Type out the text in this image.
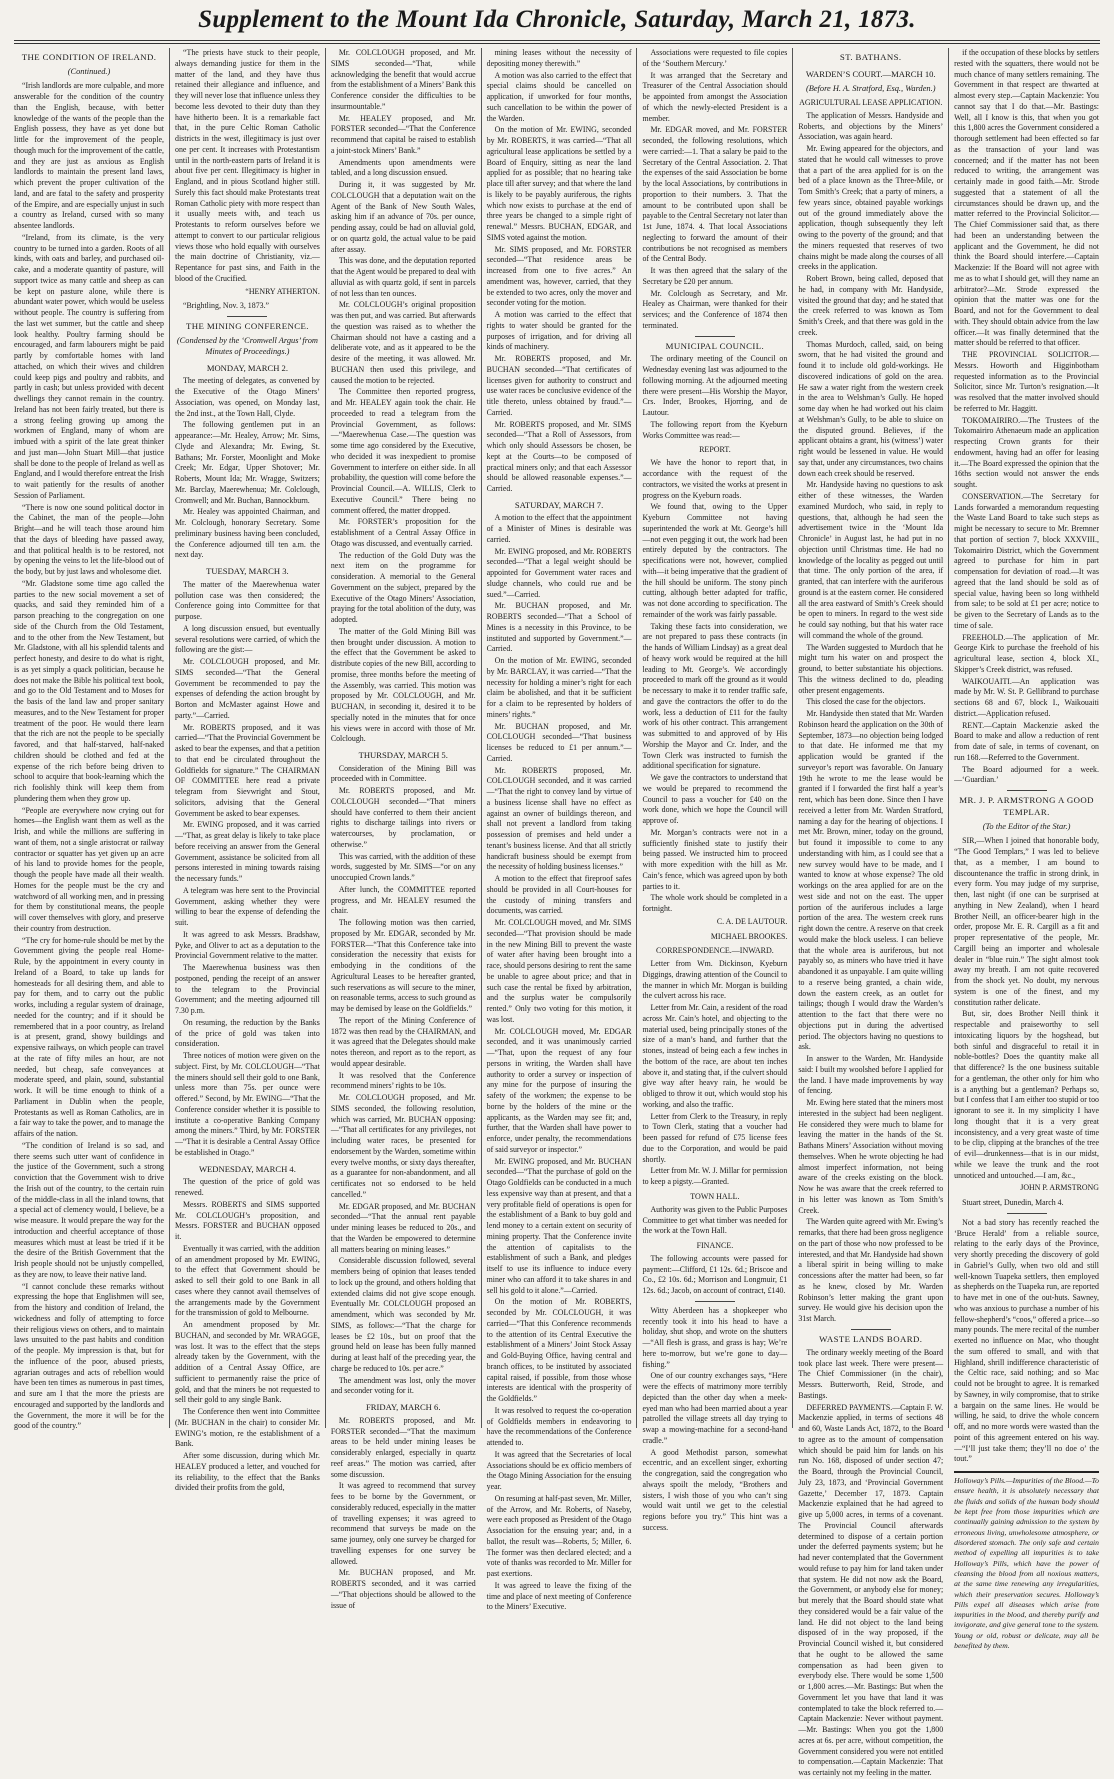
Supplement to the Mount Ida Chronicle, Saturday, March 21, 1873.
THE CONDITION OF IRELAND.
(Continued.)

“Irish landlords are more culpable, and more answerable for the condition of the country than the English, because, with better knowledge of the wants of the people than the English possess, they have as yet done but little for the improvement of the people, though much for the improvement of the cattle, and they are just as anxious as English landlords to maintain the present land laws, which prevent the proper cultivation of the land, and are fatal to the safety and prosperity of the Empire, and are especially unjust in such a country as Ireland, cursed with so many absentee landlords.

“Ireland, from its climate, is the very country to be turned into a garden. Roots of all kinds, with oats and barley, and purchased oil-cake, and a moderate quantity of pasture, will support twice as many cattle and sheep as can be kept on pasture alone, while there is abundant water power, which would be useless without people. The country is suffering from the last wet summer, but the cattle and sheep look healthy. Poultry farming should be encouraged, and farm labourers might be paid partly by comfortable homes with land attached, on which their wives and children could keep pigs and poultry and rabbits, and partly in cash; but unless provided with decent dwellings they cannot remain in the country. Ireland has not been fairly treated, but there is a strong feeling growing up among the workmen of England, many of whom are imbued with a spirit of the late great thinker and just man—John Stuart Mill—that justice shall be done to the people of Ireland as well as England, and I would therefore entreat the Irish to wait patiently for the results of another Session of Parliament.

“There is now one sound political doctor in the Cabinet, the man of the people—John Bright—and he will teach those around him that the days of bleeding have passed away, and that political health is to be restored, not by opening the veins to let the life-blood out of the body, but by just laws and wholesome diet.

“Mr. Gladstone some time ago called the parties to the new social movement a set of quacks, and said they reminded him of a parson preaching to the congregation on one side of the Church from the Old Testament, and to the other from the New Testament, but Mr. Gladstone, with all his splendid talents and perfect honesty, and desire to do what is right, is as yet simply a quack politician, because he does not make the Bible his political text book, and go to the Old Testament and to Moses for the basis of the land law and proper sanitary measures, and to the New Testament for proper treatment of the poor. He would there learn that the rich are not the people to be specially favored, and that half-starved, half-naked children should be clothed and fed at the expense of the rich before being driven to school to acquire that book-learning which the rich foolishly think will keep them from plundering them when they grow up.

“People are everywhere now crying out for homes—the English want them as well as the Irish, and while the millions are suffering in want of them, not a single aristocrat or railway contractor or squatter has yet given up an acre of his land to provide homes for the people, though the people have made all their wealth. Homes for the people must be the cry and watchword of all working men, and in pressing for them by constitutional means, the people will cover themselves with glory, and preserve their country from destruction.

“The cry for home-rule should be met by the Government giving the people real Home-Rule, by the appointment in every county in Ireland of a Board, to take up lands for homesteads for all desiring them, and able to pay for them, and to carry out the public works, including a regular system of drainage, needed for the country; and if it should be remembered that in a poor country, as Ireland is at present, grand, showy buildings and expensive railways, on which people can travel at the rate of fifty miles an hour, are not needed, but cheap, safe conveyances at moderate speed, and plain, sound, substantial work. It will be time enough to think of a Parliament in Dublin when the people, Protestants as well as Roman Catholics, are in a fair way to take the power, and to manage the affairs of the nation.

“The condition of Ireland is so sad, and there seems such utter want of confidence in the justice of the Government, such a strong conviction that the Government wish to drive the Irish out of the country, to the certain ruin of the middle-class in all the inland towns, that a special act of clemency would, I believe, be a wise measure. It would prepare the way for the introduction and cheerful acceptance of those measures which must at least be tried if it be the desire of the British Government that the Irish people should not be unjustly compelled, as they are now, to leave their native land.

“I cannot conclude these remarks without expressing the hope that Englishmen will see, from the history and condition of Ireland, the wickedness and folly of attempting to force their religious views on others, and to maintain laws unsuited to the past habits and condition of the people. My impression is that, but for the influence of the poor, abused priests, agrarian outrages and acts of rebellion would have been ten times as numerous in past times, and sure am I that the more the priests are encouraged and supported by the landlords and the Government, the more it will be for the good of the country.”

“The priests have stuck to their people, always demanding justice for them in the matter of the land, and they have thus retained their allegiance and influence, and they will never lose that influence unless they become less devoted to their duty than they have hitherto been. It is a remarkable fact that, in the pure Celtic Roman Catholic districts in the west, illegitimacy is just over one per cent. It increases with Protestantism until in the north-eastern parts of Ireland it is about five per cent. Illegitimacy is higher in England, and in pious Scotland higher still. Surely this fact should make Protestants treat Roman Catholic piety with more respect than it usually meets with, and teach us Protestants to reform ourselves before we attempt to convert to our particular religious views those who hold equally with ourselves the main doctrine of Christianity, viz.—Repentance for past sins, and Faith in the blood of the Crucified.

“HENRY ATHERTON.

“Brightling, Nov. 3, 1873.”

THE MINING CONFERENCE.
(Condensed by the ‘Cromwell Argus’ from Minutes of Proceedings.)
MONDAY, MARCH 2.

The meeting of delegates, as convened by the Executive of the Otago Miners’ Association, was opened, on Monday last, the 2nd inst., at the Town Hall, Clyde.

The following gentlemen put in an appearance:—Mr. Healey, Arrow; Mr. Sims, Clyde and Alexandra; Mr. Ewing, St. Bathans; Mr. Forster, Moonlight and Moke Creek; Mr. Edgar, Upper Shotover; Mr. Roberts, Mount Ida; Mr. Wragge, Switzers; Mr. Barclay, Maerewhenua; Mr. Colclough, Cromwell; and Mr. Buchan, Bannockburn.

Mr. Healey was appointed Chairman, and Mr. Colclough, honorary Secretary. Some preliminary business having been concluded, the Conference adjourned till ten a.m. the next day.

TUESDAY, MARCH 3.

The matter of the Maerewhenua water pollution case was then considered; the Conference going into Committee for that purpose.

A long discussion ensued, but eventually several resolutions were carried, of which the following are the gist:—

Mr. COLCLOUGH proposed, and Mr. SIMS seconded—“That the General Government be recommended to pay the expenses of defending the action brought by Borton and McMaster against Howe and party.”—Carried.

Mr. ROBERTS proposed, and it was carried—“That the Provincial Government be asked to bear the expenses, and that a petition to that end be circulated throughout the Goldfields for signature.” The CHAIRMAN OF COMMITTEE here read a private telegram from Sievwright and Stout, solicitors, advising that the General Government be asked to bear expenses.

Mr. EWING proposed, and it was carried—“That, as great delay is likely to take place before receiving an answer from the General Government, assistance be solicited from all persons interested in mining towards raising the necessary funds.”

A telegram was here sent to the Provincial Government, asking whether they were willing to bear the expense of defending the suit.

It was agreed to ask Messrs. Bradshaw, Pyke, and Oliver to act as a deputation to the Provincial Government relative to the matter.

The Maerewhenua business was then postponed, pending the receipt of an answer to the telegram to the Provincial Government; and the meeting adjourned till 7.30 p.m.

On resuming, the reduction by the Banks of the price of gold was taken into consideration.

Three notices of motion were given on the subject. First, by Mr. COLCLOUGH—“That the miners should sell their gold to one Bank, unless more than 75s. per ounce were offered.” Second, by Mr. EWING—“That the Conference consider whether it is possible to institute a co-operative Banking Company among the miners.” Third, by Mr. FORSTER—“That it is desirable a Central Assay Office be established in Otago.”

WEDNESDAY, MARCH 4.

The question of the price of gold was renewed.

Messrs. ROBERTS and SIMS supported Mr. COLCLOUGH’s proposition, and Messrs. FORSTER and BUCHAN opposed it.

Eventually it was carried, with the addition of an amendment proposed by Mr. EWING, to the effect that Government should be asked to sell their gold to one Bank in all cases where they cannot avail themselves of the arrangements made by the Government for the transmission of gold to Melbourne.

An amendment proposed by Mr. BUCHAN, and seconded by Mr. WRAGGE, was lost. It was to the effect that the steps already taken by the Government, with the addition of a Central Assay Office, are sufficient to permanently raise the price of gold, and that the miners be not requested to sell their gold to any single Bank.

The Conference then went into Committee (Mr. BUCHAN in the chair) to consider Mr. EWING’s motion, re the establishment of a Bank.

After some discussion, during which Mr. HEALEY produced a letter, and vouched for its reliability, to the effect that the Banks divided their profits from the gold,

Mr. COLCLOUGH proposed, and Mr. SIMS seconded—“That, while acknowledging the benefit that would accrue from the establishment of a Miners’ Bank this Conference consider the difficulties to be insurmountable.”

Mr. HEALEY proposed, and Mr. FORSTER seconded—“That the Conference recommend that capital be raised to establish a joint-stock Miners’ Bank.”

Amendments upon amendments were tabled, and a long discussion ensued.

During it, it was suggested by Mr. COLCLOUGH that a deputation wait on the Agent of the Bank of New South Wales, asking him if an advance of 70s. per ounce, pending assay, could be had on alluvial gold, or on quartz gold, the actual value to be paid after assay.

This was done, and the deputation reported that the Agent would be prepared to deal with alluvial as with quartz gold, if sent in parcels of not less than ten ounces.

Mr. COLCLOUGH’s original proposition was then put, and was carried. But afterwards the question was raised as to whether the Chairman should not have a casting and a deliberate vote, and as it appeared to be the desire of the meeting, it was allowed. Mr. BUCHAN then used this privilege, and caused the motion to be rejected.

The Committee then reported progress, and Mr. HEALEY again took the chair. He proceeded to read a telegram from the Provincial Government, as follows:—“Maerewhenua Case.—The question was some time ago considered by the Executive, who decided it was inexpedient to promise Government to interfere on either side. In all probability, the question will come before the Provincial Council.—A. WILLIS, Clerk to Executive Council.” There being no comment offered, the matter dropped.

Mr. FORSTER’s proposition for the establishment of a Central Assay Office in Otago was discussed, and eventually carried.

The reduction of the Gold Duty was the next item on the programme for consideration. A memorial to the General Government on the subject, prepared by the Executive of the Otago Miners’ Association, praying for the total abolition of the duty, was adopted.

The matter of the Gold Mining Bill was then brought under discussion. A motion to the effect that the Government be asked to distribute copies of the new Bill, according to promise, three months before the meeting of the Assembly, was carried. This motion was proposed by Mr. COLCLOUGH, and Mr. BUCHAN, in seconding it, desired it to be specially noted in the minutes that for once his views were in accord with those of Mr. Colclough.

THURSDAY, MARCH 5.

Consideration of the Mining Bill was proceeded with in Committee.

Mr. ROBERTS proposed, and Mr. COLCLOUGH seconded—“That miners should have conferred to them their ancient rights to discharge tailings into rivers or watercourses, by proclamation, or otherwise.”

This was carried, with the addition of these words, suggested by Mr. SIMS—“or on any unoccupied Crown lands.”

After lunch, the COMMITTEE reported progress, and Mr. HEALEY resumed the chair.

The following motion was then carried, proposed by Mr. EDGAR, seconded by Mr. FORSTER—“That this Conference take into consideration the necessity that exists for embodying in the conditions of the Agricultural Leases to be hereafter granted, such reservations as will secure to the miner, on reasonable terms, access to such ground as may be demised by lease on the Goldfields.”

The report of the Mining Conference of 1872 was then read by the CHAIRMAN, and it was agreed that the Delegates should make notes thereon, and report as to the report, as would appear desirable.

It was resolved that the Conference recommend miners’ rights to be 10s.

Mr. COLCLOUGH proposed, and Mr. SIMS seconded, the following resolution, which was carried, Mr. BUCHAN opposing:—“That all certificates for any privileges, not including water races, be presented for endorsement by the Warden, sometime within every twelve months, or sixty days thereafter, as a guarantee for non-abandonment, and all certificates not so endorsed to be held cancelled.”

Mr. EDGAR proposed, and Mr. BUCHAN seconded—“That the annual rent payable under mining leases be reduced to 20s., and that the Warden be empowered to determine all matters bearing on mining leases.”

Considerable discussion followed, several members being of opinion that leases tended to lock up the ground, and others holding that extended claims did not give scope enough. Eventually Mr. COLCLOUGH proposed an amendment, which was seconded by Mr. SIMS, as follows:—“That the charge for leases be £2 10s., but on proof that the ground held on lease has been fully manned during at least half of the preceding year, the charge be reduced to 10s. per acre.”

The amendment was lost, only the mover and seconder voting for it.

FRIDAY, MARCH 6.

Mr. ROBERTS proposed, and Mr. FORSTER seconded—“That the maximum areas to be held under mining leases be considerably enlarged, especially in quartz reef areas.” The motion was carried, after some discussion.

It was agreed to recommend that survey fees to be borne by the Government, or considerably reduced, especially in the matter of travelling expenses; it was agreed to recommend that surveys be made on the same journey, only one survey be charged for travelling expenses for one survey be allowed.

Mr. BUCHAN proposed, and Mr. ROBERTS seconded, and it was carried—“That objections should be allowed to the issue of

mining leases without the necessity of depositing money therewith.”

A motion was also carried to the effect that special claims should be cancelled on application, if unworked for four months, such cancellation to be within the power of the Warden.

On the motion of Mr. EWING, seconded by Mr. ROBERTS, it was carried—“That all agricultural lease applications be settled by a Board of Enquiry, sitting as near the land applied for as possible; that no hearing take place till after survey; and that where the land is likely to be payably auriferous, the rights which now exists to purchase at the end of three years be changed to a simple right of renewal.” Messrs. BUCHAN, EDGAR, and SIMS voted against the motion.

Mr. SIMS proposed, and Mr. FORSTER seconded—“That residence areas be increased from one to five acres.” An amendment was, however, carried, that they be extended to two acres, only the mover and seconder voting for the motion.

A motion was carried to the effect that rights to water should be granted for the purposes of irrigation, and for driving all kinds of machinery.

Mr. ROBERTS proposed, and Mr. BUCHAN seconded—“That certificates of licenses given for authority to construct and use water races be conclusive evidence of the title thereto, unless obtained by fraud.”—Carried.

Mr. ROBERTS proposed, and Mr. SIMS seconded—“That a Roll of Assessors, from which only should Assessors be chosen, be kept at the Courts—to be composed of practical miners only; and that each Assessor should be allowed reasonable expenses.”—Carried.

SATURDAY, MARCH 7.

A motion to the effect that the appointment of a Minister of Mines is desirable was carried.

Mr. EWING proposed, and Mr. ROBERTS seconded—“That a legal weight should be appointed for Government water races and sludge channels, who could rue and be sued.”—Carried.

Mr. BUCHAN proposed, and Mr. ROBERTS seconded—“That a School of Mines is a necessity in this Province, to be instituted and supported by Government.”—Carried.

On the motion of Mr. EWING, seconded by Mr. BARCLAY, it was carried—“That the necessity for holding a miner’s right for each claim be abolished, and that it be sufficient for a claim to be represented by holders of miners’ rights.”

Mr. BUCHAN proposed, and Mr. COLCLOUGH seconded—“That business licenses be reduced to £1 per annum.”—Carried.

Mr. ROBERTS proposed, Mr. COLCLOUGH seconded, and it was carried—“That the right to convey land by virtue of a business license shall have no effect as against an owner of buildings thereon, and shall not prevent a landlord from taking possession of premises and held under a tenant’s business license. And that all strictly handicraft business should be exempt from the necessity of holding business licenses.”

A motion to the effect that fireproof safes should be provided in all Court-houses for the custody of mining transfers and documents, was carried.

Mr. COLCLOUGH moved, and Mr. SIMS seconded—“That provision should be made in the new Mining Bill to prevent the waste of water after having been brought into a race, should persons desiring to rent the same be unable to agree about price; and that in such case the rental be fixed by arbitration, and the surplus water be compulsorily rented.” Only two voting for this motion, it was lost.

Mr. COLCLOUGH moved, Mr. EDGAR seconded, and it was unanimously carried—“That, upon the request of any four persons in writing, the Warden shall have authority to order a survey or inspection of any mine for the purpose of insuring the safety of the workmen; the expense to be borne by the holders of the mine or the applicants, as the Warden may see fit; and, further, that the Warden shall have power to enforce, under penalty, the recommendations of said surveyor or inspector.”

Mr. EWING proposed, and Mr. BUCHAN seconded—“That the purchase of gold on the Otago Goldfields can be conducted in a much less expensive way than at present, and that a very profitable field of operations is open for the establishment of a Bank to buy gold and lend money to a certain extent on security of mining property. That the Conference invite the attention of capitalists to the establishment of such a Bank, and pledges itself to use its influence to induce every miner who can afford it to take shares in and sell his gold to it alone.”—Carried.

On the motion of Mr. ROBERTS, seconded by Mr. COLCLOUGH, it was carried—“That this Conference recommends to the attention of its Central Executive the establishment of a Miners’ Joint Stock Assay and Gold-Buying Office, having central and branch offices, to be instituted by associated capital raised, if possible, from those whose interests are identical with the prosperity of the Goldfields.”

It was resolved to request the co-operation of Goldfields members in endeavoring to have the recommendations of the Conference attended to.

It was agreed that the Secretaries of local Associations should be ex officio members of the Otago Mining Association for the ensuing year.

On resuming at half-past seven, Mr. Miller, of the Arrow, and Mr. Roberts, of Naseby, were each proposed as President of the Otago Association for the ensuing year; and, in a ballot, the result was—Roberts, 5; Miller, 6. The former was then declared elected; and a vote of thanks was recorded to Mr. Miller for past exertions.

It was agreed to leave the fixing of the time and place of next meeting of Conference to the Miners’ Executive.

Associations were requested to file copies of the ‘Southern Mercury.’

It was arranged that the Secretary and Treasurer of the Central Association should be appointed from amongst the Association of which the newly-elected President is a member.

Mr. EDGAR moved, and Mr. FORSTER seconded, the following resolutions, which were carried:—1. That a salary be paid to the Secretary of the Central Association. 2. That the expenses of the said Association be borne by the local Associations, by contributions in proportion to their numbers. 3. That the amount to be contributed upon shall be payable to the Central Secretary not later than 1st June, 1874. 4. That local Associations neglecting to forward the amount of their contributions be not recognised as members of the Central Body.

It was then agreed that the salary of the Secretary be £20 per annum.

Mr. Colclough as Secretary, and Mr. Healey as Chairman, were thanked for their services; and the Conference of 1874 then terminated.

MUNICIPAL COUNCIL.

The ordinary meeting of the Council on Wednesday evening last was adjourned to the following morning. At the adjourned meeting there were present—His Worship the Mayor, Crs. Inder, Brookes, Hjorring, and de Lautour.

The following report from the Kyeburn Works Committee was read:—

REPORT.

We have the honor to report that, in accordance with the request of the contractors, we visited the works at present in progress on the Kyeburn roads.

We found that, owing to the Upper Kyeburn Committee not having superintended the work at Mt. George’s hill—not even pegging it out, the work had been entirely deputed by the contractors. The specifications were not, however, complied with—it being imperative that the gradient of the hill should be uniform. The stony pinch cutting, although better adapted for traffic, was not done according to specification. The remainder of the work was fairly passable.

Taking these facts into consideration, we are not prepared to pass these contracts (in the hands of William Lindsay) as a great deal of heavy work would be required at the hill leading to Mt. George’s. We accordingly proceeded to mark off the ground as it would be necessary to make it to render traffic safe, and gave the contractors the offer to do the work, less a deduction of £11 for the faulty work of his other contract. This arrangement was submitted to and approved of by His Worship the Mayor and Cr. Inder, and the Town Clerk was instructed to furnish the additional specification for signature.

We gave the contractors to understand that we would be prepared to recommend the Council to pass a voucher for £40 on the work done, which we hope the Council will approve of.

Mr. Morgan’s contracts were not in a sufficiently finished state to justify their being passed. We instructed him to proceed with more expedition with the hill as Mr. Cain’s fence, which was agreed upon by both parties to it.

The whole work should be completed in a fortnight.

C. A. DE LAUTOUR.
MICHAEL BROOKES.
CORRESPONDENCE.—INWARD.

Letter from Wm. Dickinson, Kyeburn Diggings, drawing attention of the Council to the manner in which Mr. Morgan is building the culvert across his race.

Letter from Mr. Cain, a resident of the road across Mr. Cain’s hotel, and objecting to the material used, being principally stones of the size of a man’s hand, and further that the stones, instead of being each a few inches in the bottom of the race, are about ten inches above it, and stating that, if the culvert should give way after heavy rain, he would be obliged to throw it out, which would stop his working, and also the traffic.

Letter from Clerk to the Treasury, in reply to Town Clerk, stating that a voucher had been passed for refund of £75 license fees due to the Corporation, and would be paid shortly.

Letter from Mr. W. J. Millar for permission to keep a pigsty.—Granted.

TOWN HALL.

Authority was given to the Public Purposes Committee to get what timber was needed for the work at the Town Hall.

FINANCE.

The following accounts were passed for payment:—Clifford, £1 12s. 6d.; Briscoe and Co., £2 10s. 6d.; Morrison and Longmuir, £1 12s. 6d.; Jacob, on account of contract, £140.

Witty Aberdeen has a shopkeeper who recently took it into his head to have a holiday, shut shop, and wrote on the shutters—“All flesh is grass, and grass is hay; We’re here to-morrow, but we’re gone to day—fishing.”

One of our country exchanges says, “Here were the effects of matrimony more terribly depicted than the other day when a meek-eyed man who had been married about a year patrolled the village streets all day trying to swap a mowing-machine for a second-hand cradle.”

A good Methodist parson, somewhat eccentric, and an excellent singer, exhorting the congregation, said the congregation who always spoilt the melody, “Brothers and sisters, I wish those of you who can’t sing would wait until we get to the celestial regions before you try.” This hint was a success.

ST. BATHANS.
WARDEN’S COURT.—MARCH 10.
(Before H. A. Stratford, Esq., Warden.)
AGRICULTURAL LEASE APPLICATION.

The application of Messrs. Handyside and Roberts, and objections by the Miners’ Association, was again heard.

Mr. Ewing appeared for the objectors, and stated that he would call witnesses to prove that a part of the area applied for is on the bed of a place known as the Three-Mile, or Tom Smith’s Creek; that a party of miners, a few years since, obtained payable workings out of the ground immediately above the application, though subsequently they left owing to the poverty of the ground; and that the miners requested that reserves of two chains might be made along the courses of all creeks in the application.

Robert Brown, being called, deposed that he had, in company with Mr. Handyside, visited the ground that day; and he stated that the creek referred to was known as Tom Smith’s Creek, and that there was gold in the creek.

Thomas Murdoch, called, said, on being sworn, that he had visited the ground and found it to include old gold-workings. He discovered indications of gold on the area. He saw a water right from the western creek in the area to Welshman’s Gully. He hoped some day when he had worked out his claim at Welshman’s Gully, to be able to sluice on the disputed ground. Believes, if the applicant obtains a grant, his (witness’) water right would be lessened in value. He would say that, under any circumstances, two chains down each creek should be reserved.

Mr. Handyside having no questions to ask either of these witnesses, the Warden examined Murdoch, who said, in reply to questions, that, although he had seen the advertisement twice in the ‘Mount Ida Chronicle’ in August last, he had put in no objection until Christmas time. He had no knowledge of the locality as pegged out until that time. The only portion of the area, if granted, that can interfere with the auriferous ground is at the eastern corner. He considered all the area eastward of Smith’s Creek should be open to miners. In regard to the west side he could say nothing, but that his water race will command the whole of the ground.

The Warden suggested to Murdoch that he might turn his water on and prospect the ground, to better substantiate his objections. This the witness declined to do, pleading other present engagements.

This closed the case for the objectors.

Mr. Handyside then stated that Mr. Warden Robinson heard the application on the 30th of September, 1873—no objection being lodged to that date. He informed me that my application would be granted if the surveyor’s report was favorable. On January 19th he wrote to me the lease would be granted if I forwarded the first half a year’s rent, which has been done. Since then I have received a letter from Mr. Warden Stratford, naming a day for the hearing of objections. I met Mr. Brown, miner, today on the ground, but found it impossible to come to any understanding with him, as I could see that a new survey would have to be made, and I wanted to know at whose expense? The old workings on the area applied for are on the west side and not on the east. The upper portion of the auriferous includes a large portion of the area. The western creek runs right down the centre. A reserve on that creek would make the block useless. I can believe that the whole area is auriferous, but not payably so, as miners who have tried it have abandoned it as unpayable. I am quite willing to a reserve being granted, a chain wide, down the eastern creek, as an outlet for tailings; though I would draw the Warden’s attention to the fact that there were no objections put in during the advertised period. The objectors having no questions to ask.

In answer to the Warden, Mr. Handyside said: I built my woolshed before I applied for the land. I have made improvements by way of fencing.

Mr. Ewing here stated that the miners most interested in the subject had been negligent. He considered they were much to blame for leaving the matter in the hands of the St. Bathans Miners’ Association without moving themselves. When he wrote objecting he had almost imperfect information, not being aware of the creeks existing on the block. Now he was aware that the creek referred to in his letter was known as Tom Smith’s Creek.

The Warden quite agreed with Mr. Ewing’s remarks, that there had been gross negligence on the part of those who now professed to be interested, and that Mr. Handyside had shown a liberal spirit in being willing to make concessions after the matter had been, so far as he knew, closed by Mr. Warden Robinson’s letter making the grant upon survey. He would give his decision upon the 31st March.

WASTE LANDS BOARD.

The ordinary weekly meeting of the Board took place last week. There were present—The Chief Commissioner (in the chair), Messrs. Butterworth, Reid, Strode, and Bastings.

DEFERRED PAYMENTS.—Captain F. W. Mackenzie applied, in terms of sections 48 and 60, Waste Lands Act, 1872, to the Board to agree as to the amount of compensation which should be paid him for lands on his run No. 168, disposed of under section 47; the Board, through the Provincial Council, July 23, 1873, and ‘Provincial Government Gazette,’ December 17, 1873. Captain Mackenzie explained that he had agreed to give up 5,000 acres, in terms of a covenant. The Provincial Council afterwards determined to dispose of a certain portion under the deferred payments system; but he had never contemplated that the Government would refuse to pay him for land taken under that system. He did not now ask the Board, the Government, or anybody else for money; but merely that the Board should state what they considered would be a fair value of the land. He did not object to the land being disposed of in the way proposed, if the Provincial Council wished it, but considered that he ought to be allowed the same compensation as had been given to everybody else. There would be some 1,500 or 1,800 acres.—Mr. Bastings: But when the Government let you have that land it was contemplated to take the block referred to.—Captain Mackenzie: Never without payment.—Mr. Bastings: When you got the 1,800 acres at 6s. per acre, without competition, the Government considered you were not entitled to compensation.—Captain Mackenzie: That was certainly not my feeling in the matter.

if the occupation of these blocks by settlers rested with the squatters, there would not be much chance of many settlers remaining. The Government in that respect are thwarted at almost every step.—Captain Mackenzie: You cannot say that I do that.—Mr. Bastings: Well, all I know is this, that when you got this 1,800 acres the Government considered a thorough settlement had been effected so far as the transaction of your land was concerned; and if the matter has not been reduced to writing, the arrangement was certainly made in good faith.—Mr. Strode suggested that a statement of all the circumstances should be drawn up, and the matter referred to the Provincial Solicitor.—The Chief Commissioner said that, as there had been an understanding between the applicant and the Government, he did not think the Board should interfere.—Captain Mackenzie: If the Board will not agree with me as to what I should get, will they name an arbitrator?—Mr. Strode expressed the opinion that the matter was one for the Board, and not for the Government to deal with. They should obtain advice from the law officer.—It was finally determined that the matter should be referred to that officer.

THE PROVINCIAL SOLICITOR.—Messrs. Howorth and Higginbotham requested information as to the Provincial Solicitor, since Mr. Turton’s resignation.—It was resolved that the matter involved should be referred to Mr. Haggitt.

TOKOMAIRIRO.—The Trustees of the Tokomairiro Athenaeum made an application respecting Crown grants for their endowment, having had an offer for leasing it.—The Board expressed the opinion that the 16ths section would not answer the ends sought.

CONSERVATION.—The Secretary for Lands forwarded a memorandum requesting the Waste Land Board to take such steps as might be necessary to secure to Mr. Bremner that portion of section 7, block XXXVIII., Tokomairiro District, which the Government agreed to purchase for him in part compensation for deviation of road.—It was agreed that the land should be sold as of special value, having been so long withheld from sale; to be sold at £1 per acre; notice to be given to the Secretary of Lands as to the time of sale.

FREEHOLD.—The application of Mr. George Kirk to purchase the freehold of his agricultural lease, section 4, block XI., Skipper’s Creek district, was refused.

WAIKOUAITI.—An application was made by Mr. W. St. P. Gellibrand to purchase sections 68 and 67, block I., Waikouaiti district.—Application refused.

RENT.—Captain Mackenzie asked the Board to make and allow a reduction of rent from date of sale, in terms of covenant, on run 168.—Referred to the Government.

The Board adjourned for a week.—‘Guardian.’

MR. J. P. ARMSTRONG A GOOD TEMPLAR.
(To the Editor of the Star.)

SIR,—When I joined that honorable body, “The Good Templars,” I was led to believe that, as a member, I am bound to discountenance the traffic in strong drink, in every form. You may judge of my surprise, then, last night (if one can be surprised at anything in New Zealand), when I heard Brother Neill, an officer-bearer high in the order, propose Mr. E. R. Cargill as a fit and proper representative of the people, Mr. Cargill being an importer and wholesale dealer in “blue ruin.” The sight almost took away my breath. I am not quite recovered from the shock yet. No doubt, my nervous system is one of the finest, and my constitution rather delicate.

But, sir, does Brother Neill think it respectable and praiseworthy to sell intoxicating liquors by the hogshead, but both sinful and disgraceful to retail it in noble-bottles? Does the quantity make all that difference? Is the one business suitable for a gentleman, the other only for him who is a anything but a gentleman? Perhaps so, but I confess that I am either too stupid or too ignorant to see it. In my simplicity I have long thought that it is a very great inconsistency, and a very great waste of time to be clip, clipping at the branches of the tree of evil—drunkenness—that is in our midst, while we leave the trunk and the root unnoticed and untouched.—I am, &c.,

JOHN P. ARMSTRONG

Stuart street, Dunedin, March 4.

Not a bad story has recently reached the ‘Bruce Herald’ from a reliable source, relating to the early days of the Province, very shortly preceding the discovery of gold in Gabriel’s Gully, when two old and still well-known Tuapeka settlers, then employed as shepherds on the Tuapeka run, are reported to have met in one of the out-huts. Sawney, who was anxious to purchase a number of his fellow-shepherd’s “coos,” offered a price—so many pounds. The mere recital of the number exerted no influence on Mac, who thought the sum offered to small, and with that Highland, shrill indifference characteristic of the Celtic race, said nothing; and so Mac could not be brought to agree. It is remarked by Sawney, in wily compromise, that to strike a bargain on the same lines. He would be willing, he said, to drive the whole concern off, and no more words were wasted than the point of this agreement entered on his way.—“I’ll just take them; they’ll no doe o’ the tout.”

Holloway’s Pills.—Impurities of the Blood.—To ensure health, it is absolutely necessary that the fluids and solids of the human body should be kept free from those impurities which are continually gaining admission to the system by erroneous living, unwholesome atmosphere, or disordered stomach. The only safe and certain method of expelling all impurities is to take Holloway’s Pills, which have the power of cleansing the blood from all noxious matters, at the same time renewing any irregularities, which their preservation secures. Holloway’s Pills expel all diseases which arise from impurities in the blood, and thereby purify and invigorate, and give general tone to the system. Young or old, robust or delicate, may all be benefited by them.
